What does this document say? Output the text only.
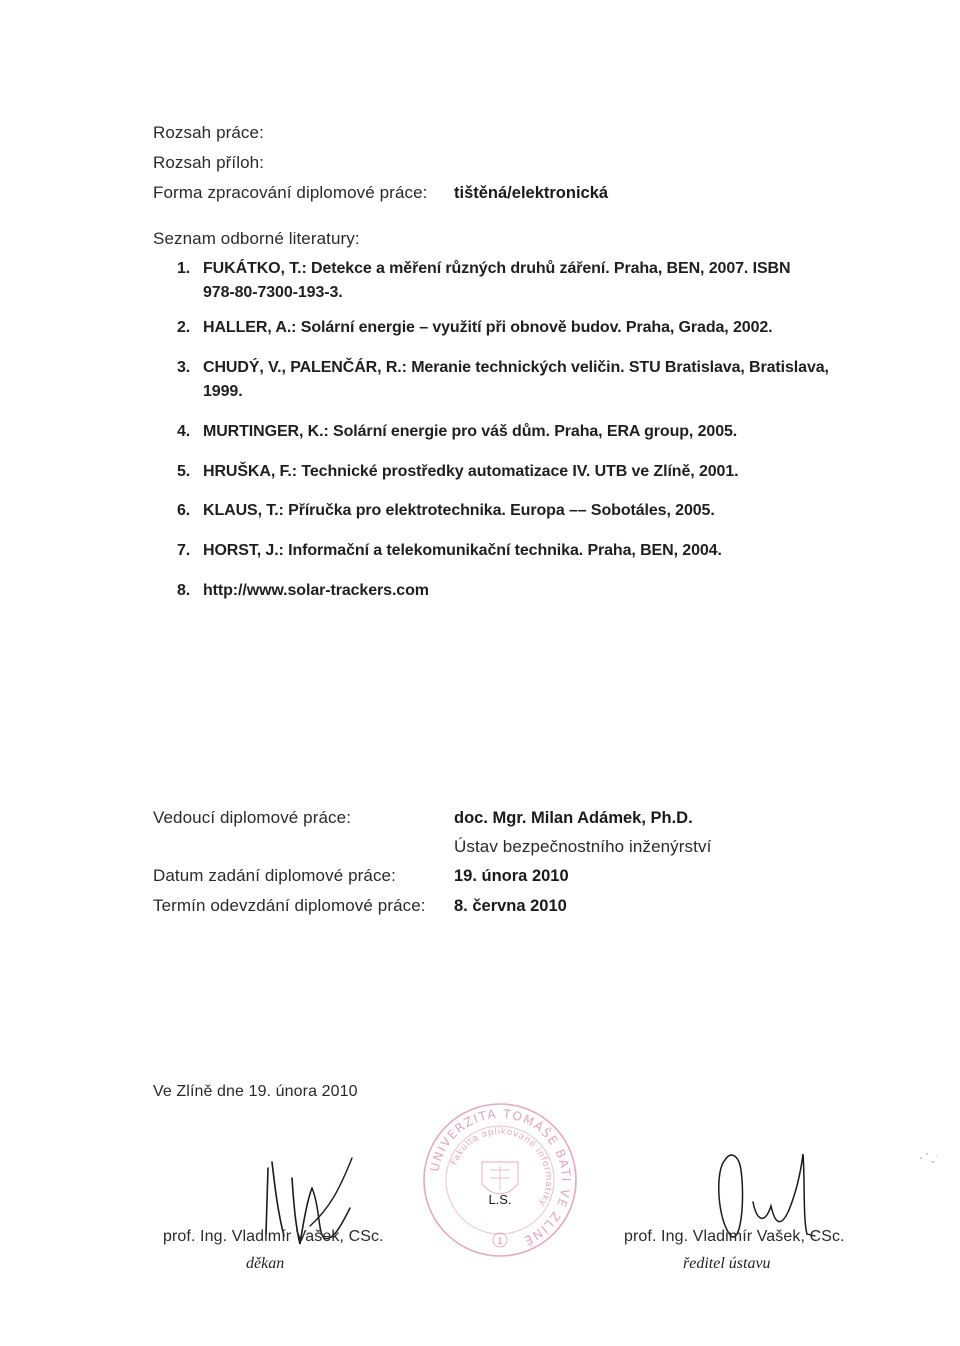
Rozsah práce:
Rozsah příloh:
Forma zpracování diplomové práce: tištěná/elektronická
Seznam odborné literatury:
1. FUKÁTKO, T.: Detekce a měření různých druhů záření. Praha, BEN, 2007. ISBN
978-80-7300-193-3.
2. HALLER, A.: Solární energie – využití při obnově budov. Praha, Grada, 2002.
3. CHUDÝ, V., PALENČÁR, R.: Meranie technických veličin. STU Bratislava, Bratislava,
1999.
4. MURTINGER, K.: Solární energie pro váš dům. Praha, ERA group, 2005.
5. HRUŠKA, F.: Technické prostředky automatizace IV. UTB ve Zlíně, 2001.
6. KLAUS, T.: Příručka pro elektrotechnika. Europa –– Sobotáles, 2005.
7. HORST, J.: Informační a telekomunikační technika. Praha, BEN, 2004.
8. http://www.solar-trackers.com
Vedoucí diplomové práce:	doc. Mgr. Milan Adámek, Ph.D.
Ústav bezpečnostního inženýrství
Datum zadání diplomové práce:	19. února 2010
Termín odevzdání diplomové práce: 8. června 2010
Ve Zlíně dne 19. února 2010
UNIVERZITA TOMÁŠE BATI VE ZLÍNĚ
Fakulta aplikované informatiky
L.S.
1
prof. Ing. Vladimír Vašek, CSc.
děkan
prof. Ing. Vladimír Vašek, CSc.
ředitel ústavu
